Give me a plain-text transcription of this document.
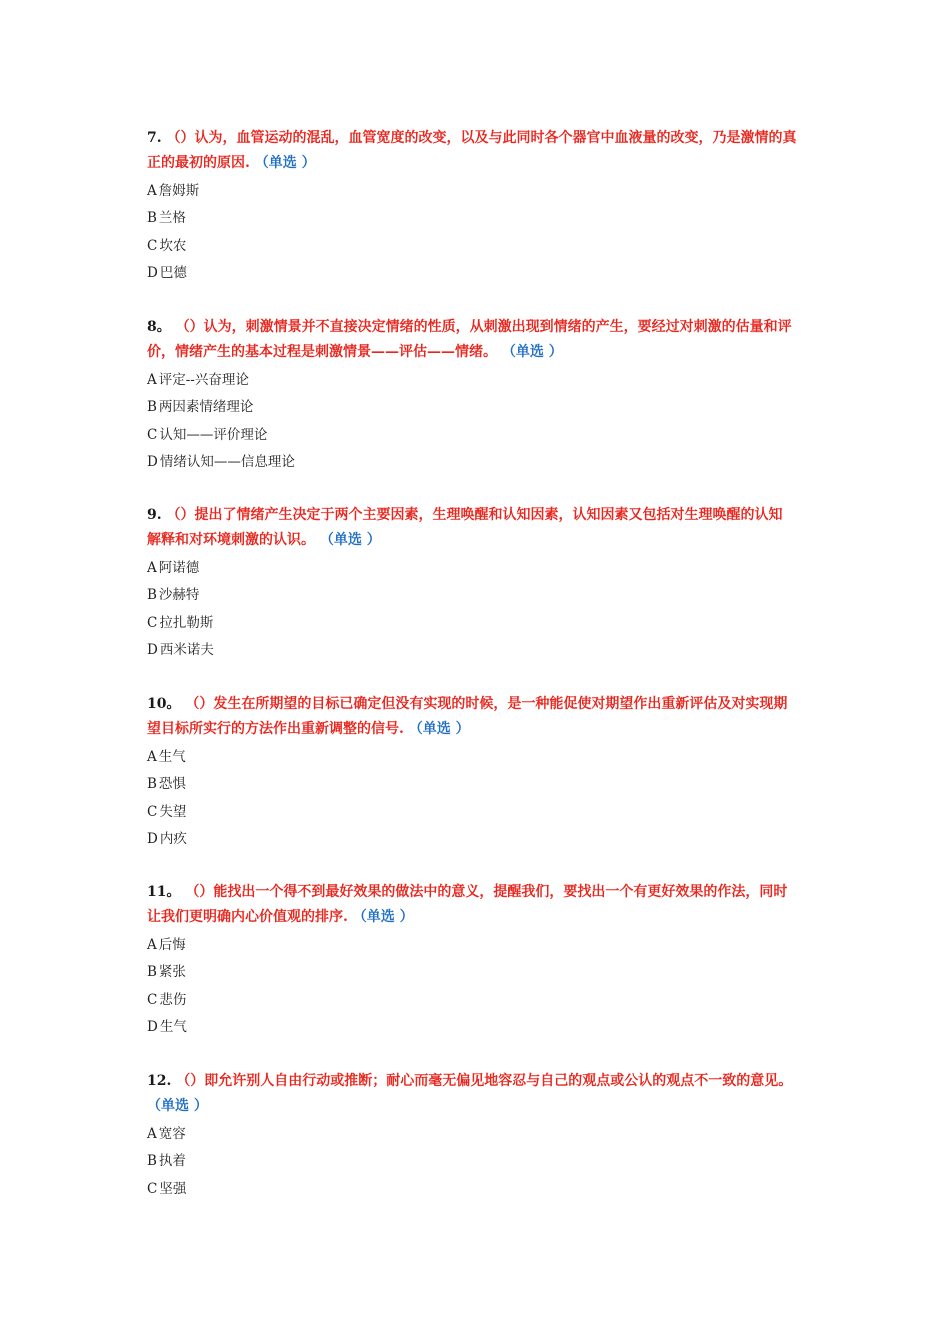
7. （）认为，血管运动的混乱，血管宽度的改变，以及与此同时各个器官中血液量的改变，乃是激情的真
正的最初的原因. （单选 ）
A 詹姆斯
B 兰格
C 坎农
D 巴德
8。 （）认为，刺激情景并不直接决定情绪的性质，从刺激出现到情绪的产生，要经过对刺激的估量和评
价，情绪产生的基本过程是刺激情景——评估——情绪。 （单选 ）
A 评定--兴奋理论
B 两因素情绪理论
C 认知——评价理论
D 情绪认知——信息理论
9. （）提出了情绪产生决定于两个主要因素，生理唤醒和认知因素，认知因素又包括对生理唤醒的认知
解释和对环境刺激的认识。 （单选 ）
A 阿诺德
B 沙赫特
C 拉扎勒斯
D 西米诺夫
10。 （）发生在所期望的目标已确定但没有实现的时候，是一种能促使对期望作出重新评估及对实现期
望目标所实行的方法作出重新调整的信号. （单选 ）
A 生气
B 恐惧
C 失望
D 内疚
11。 （）能找出一个得不到最好效果的做法中的意义，提醒我们，要找出一个有更好效果的作法，同时
让我们更明确内心价值观的排序. （单选 ）
A 后悔
B 紧张
C 悲伤
D 生气
12. （）即允许别人自由行动或推断；耐心而毫无偏见地容忍与自己的观点或公认的观点不一致的意见。
（单选 ）
A 宽容
B 执着
C 坚强
